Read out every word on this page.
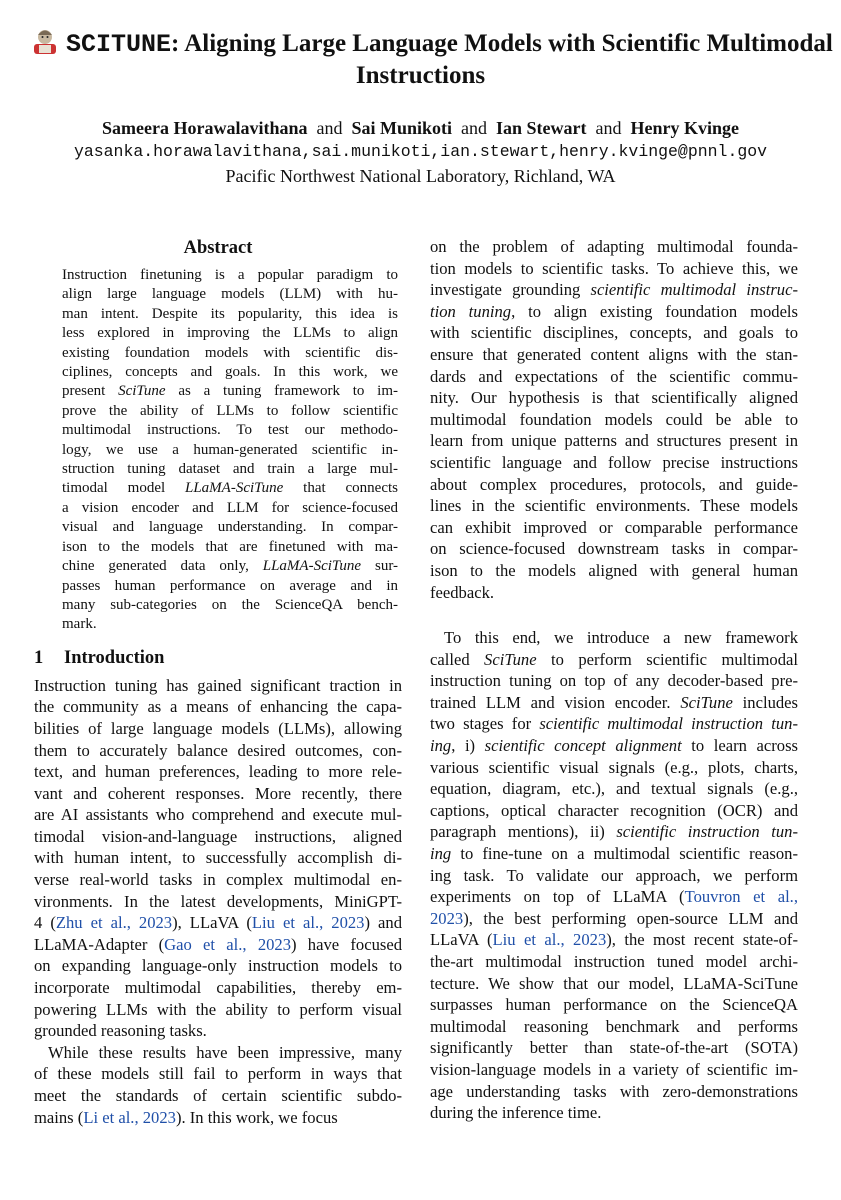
SCITUNE: Aligning Large Language Models with Scientific Multimodal
Instructions
Sameera Horawalavithana and Sai Munikoti and Ian Stewart and Henry Kvinge
yasanka.horawalavithana,sai.munikoti,ian.stewart,henry.kvinge@pnnl.gov
Pacific Northwest National Laboratory, Richland, WA
Abstract
Instruction finetuning is a popular paradigm to
align large language models (LLM) with hu-
man intent. Despite its popularity, this idea is
less explored in improving the LLMs to align
existing foundation models with scientific dis-
ciplines, concepts and goals. In this work, we
present SciTune as a tuning framework to im-
prove the ability of LLMs to follow scientific
multimodal instructions. To test our methodo-
logy, we use a human-generated scientific in-
struction tuning dataset and train a large mul-
timodal model LLaMA-SciTune that connects
a vision encoder and LLM for science-focused
visual and language understanding. In compar-
ison to the models that are finetuned with ma-
chine generated data only, LLaMA-SciTune sur-
passes human performance on average and in
many sub-categories on the ScienceQA bench-
mark.
1 Introduction
Instruction tuning has gained significant traction in
the community as a means of enhancing the capa-
bilities of large language models (LLMs), allowing
them to accurately balance desired outcomes, con-
text, and human preferences, leading to more rele-
vant and coherent responses. More recently, there
are AI assistants who comprehend and execute mul-
timodal vision-and-language instructions, aligned
with human intent, to successfully accomplish di-
verse real-world tasks in complex multimodal en-
vironments. In the latest developments, MiniGPT-
4 (Zhu et al., 2023), LLaVA (Liu et al., 2023) and
LLaMA-Adapter (Gao et al., 2023) have focused
on expanding language-only instruction models to
incorporate multimodal capabilities, thereby em-
powering LLMs with the ability to perform visual
grounded reasoning tasks.
While these results have been impressive, many
of these models still fail to perform in ways that
meet the standards of certain scientific subdo-
mains (Li et al., 2023). In this work, we focus
on the problem of adapting multimodal founda-
tion models to scientific tasks. To achieve this, we
investigate grounding scientific multimodal instruc-
tion tuning, to align existing foundation models
with scientific disciplines, concepts, and goals to
ensure that generated content aligns with the stan-
dards and expectations of the scientific commu-
nity. Our hypothesis is that scientifically aligned
multimodal foundation models could be able to
learn from unique patterns and structures present in
scientific language and follow precise instructions
about complex procedures, protocols, and guide-
lines in the scientific environments. These models
can exhibit improved or comparable performance
on science-focused downstream tasks in compar-
ison to the models aligned with general human
feedback.
To this end, we introduce a new framework
called SciTune to perform scientific multimodal
instruction tuning on top of any decoder-based pre-
trained LLM and vision encoder. SciTune includes
two stages for scientific multimodal instruction tun-
ing, i) scientific concept alignment to learn across
various scientific visual signals (e.g., plots, charts,
equation, diagram, etc.), and textual signals (e.g.,
captions, optical character recognition (OCR) and
paragraph mentions), ii) scientific instruction tun-
ing to fine-tune on a multimodal scientific reason-
ing task. To validate our approach, we perform
experiments on top of LLaMA (Touvron et al.,
2023), the best performing open-source LLM and
LLaVA (Liu et al., 2023), the most recent state-of-
the-art multimodal instruction tuned model archi-
tecture. We show that our model, LLaMA-SciTune
surpasses human performance on the ScienceQA
multimodal reasoning benchmark and performs
significantly better than state-of-the-art (SOTA)
vision-language models in a variety of scientific im-
age understanding tasks with zero-demonstrations
during the inference time.
